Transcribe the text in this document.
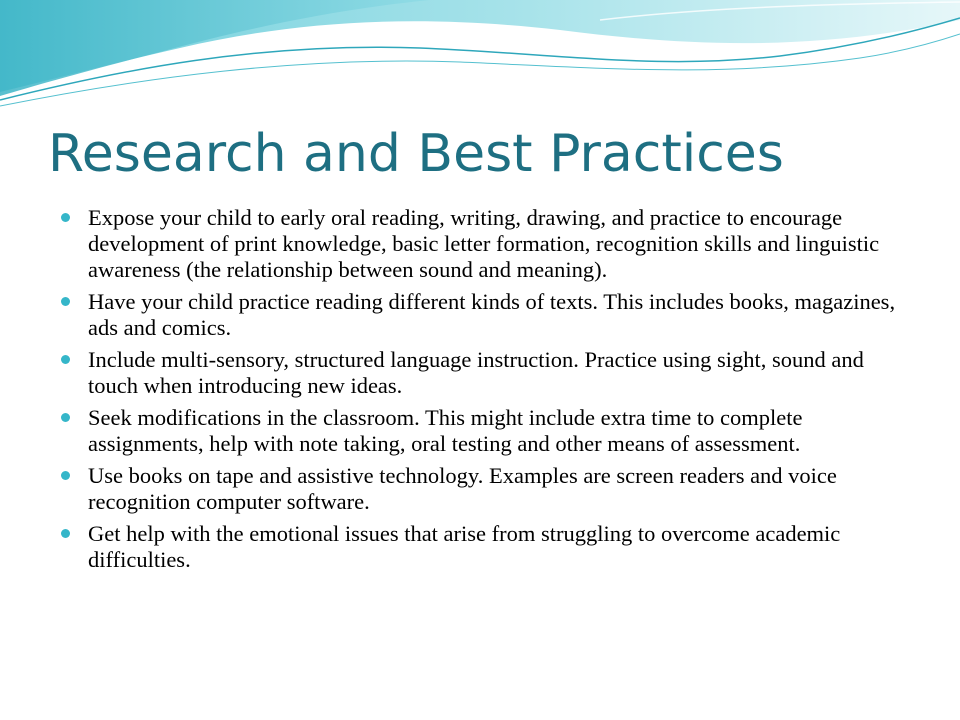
Research and Best Practices
Expose your child to early oral reading, writing, drawing, and practice to encourage development of print knowledge, basic letter formation, recognition skills and linguistic awareness (the relationship between sound and meaning).
Have your child practice reading different kinds of texts. This includes books, magazines, ads and comics.
Include multi-sensory, structured language instruction. Practice using sight, sound and touch when introducing new ideas.
Seek modifications in the classroom. This might include extra time to complete assignments, help with note taking, oral testing and other means of assessment.
Use books on tape and assistive technology. Examples are screen readers and voice recognition computer software.
Get help with the emotional issues that arise from struggling to overcome academic difficulties.
